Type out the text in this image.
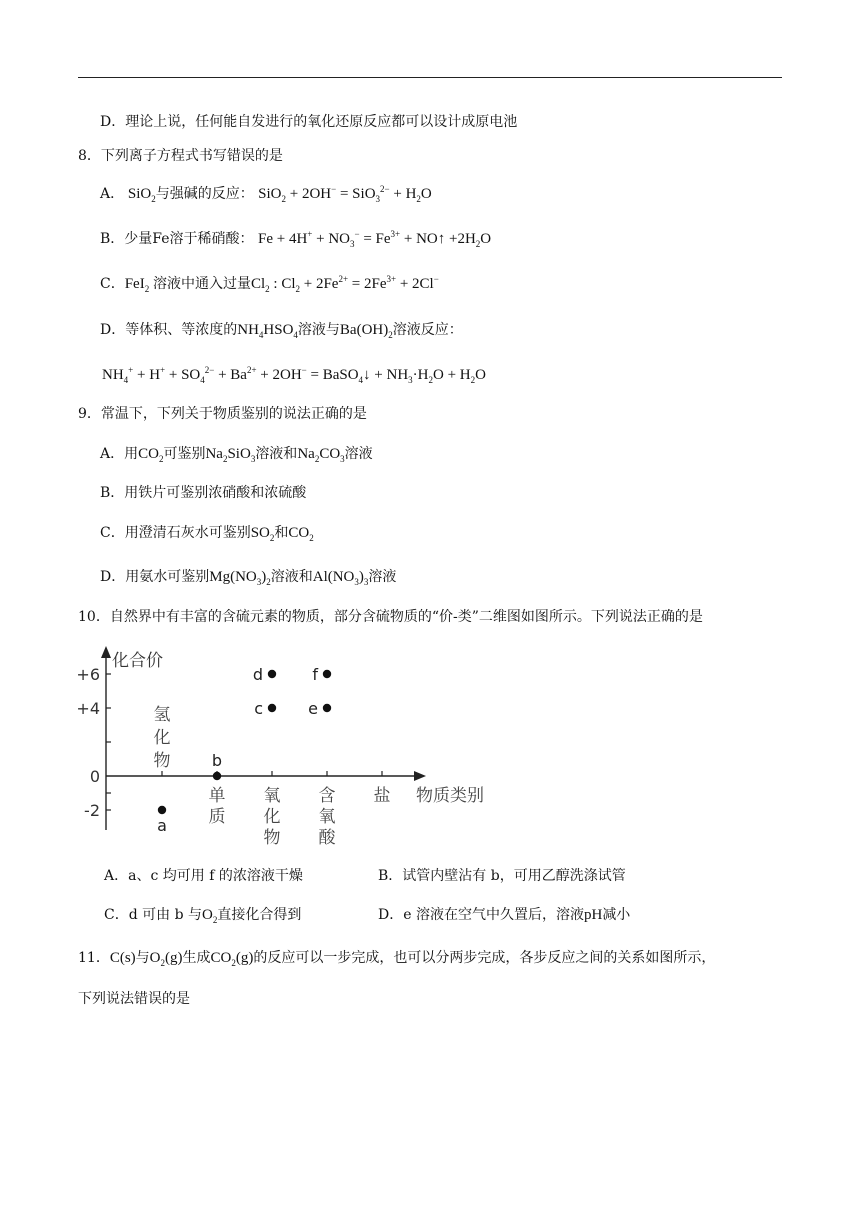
D．理论上说，任何能自发进行的氧化还原反应都可以设计成原电池
8．下列离子方程式书写错误的是
A． SiO$_2$与强碱的反应： $SiO_2 + 2OH^- = SiO_3^{2-} + H_2O$
B．少量Fe溶于稀硝酸： $Fe + 4H^+ + NO_3^- = Fe^{3+}$ + NO↑ $+2H_2O$
C．FeI$_2$ 溶液中通入过量$Cl_2$ : $Cl_2 + 2Fe^{2+} = 2Fe^{3+} + 2Cl^-$
D．等体积、等浓度的$NH_4HSO_4$溶液与$Ba(OH)_2$溶液反应：
$NH_4^+ + H^+ + SO_4^{2-} + Ba^{2+} + 2OH^-$ = BaSO$_4$↓ + $NH_3\cdot H_2O + H_2O$
9．常温下，下列关于物质鉴别的说法正确的是
A．用$CO_2$可鉴别$Na_2SiO_3$溶液和$Na_2CO_3$溶液
B．用铁片可鉴别浓硝酸和浓硫酸
C．用澄清石灰水可鉴别$SO_2$和$CO_2$
D．用氨水可鉴别$Mg(NO_3)_2$溶液和$Al(NO_3)_3$溶液
10．自然界中有丰富的含硫元素的物质，部分含硫物质的“价-类”二维图如图所示。下列说法正确的是
化合价
+6
+4
0
-2
氢
化
物
单
质
氧
化
物
含
氧
酸
盐 物质类别
a
b
c
d
e
f
A．a、c 均可用 f 的浓溶液干燥	B．试管内壁沾有 b，可用乙醇洗涤试管
C．d 可由 b 与$O_2$直接化合得到	D．e 溶液在空气中久置后，溶液pH减小
11．C(s)与$O_2(g)$生成$CO_2(g)$的反应可以一步完成，也可以分两步完成，各步反应之间的关系如图所示，
下列说法错误的是
